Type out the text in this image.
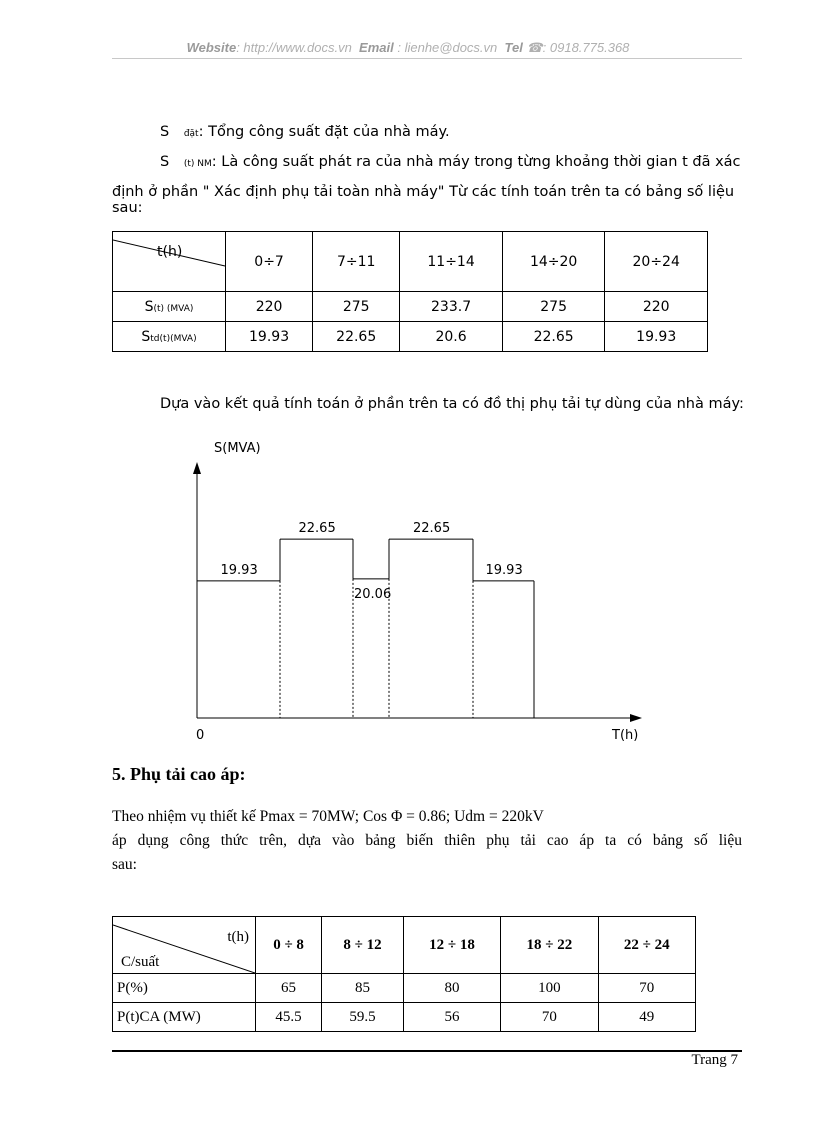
Website: http://www.docs.vn Email : lienhe@docs.vn Tel ☎: 0918.775.368
S đặt: Tổng công suất đặt của nhà máy.
S (t) NM: Là công suất phát ra của nhà máy trong từng khoảng thời gian t đã xác
định ở phần " Xác định phụ tải toàn nhà máy" Từ các tính toán trên ta có bảng số liệu sau:
t(h)	0÷7	7÷11	11÷14	14÷20	20÷24
S(t) (MVA)	220	275	233.7	275	220
Std(t)(MVA)	19.93	22.65	20.6	22.65	19.93
Dựa vào kết quả tính toán ở phần trên ta có đồ thị phụ tải tự dùng của nhà máy:
S(MVA)
0	T(h)
19.93
22.65
20.06
22.65
19.93
5. Phụ tải cao áp:
Theo nhiệm vụ thiết kế Pmax = 70MW; Cos Φ = 0.86; Udm = 220kV
áp dụng công thức trên, dựa vào bảng biến thiên phụ tải cao áp ta có bảng số liệu
sau:
t(h)
C/suất	0 ÷ 8	8 ÷ 12	12 ÷ 18	18 ÷ 22	22 ÷ 24
P(%)	65	85	80	100	70
P(t)CA (MW)	45.5	59.5	56	70	49
Trang 7
